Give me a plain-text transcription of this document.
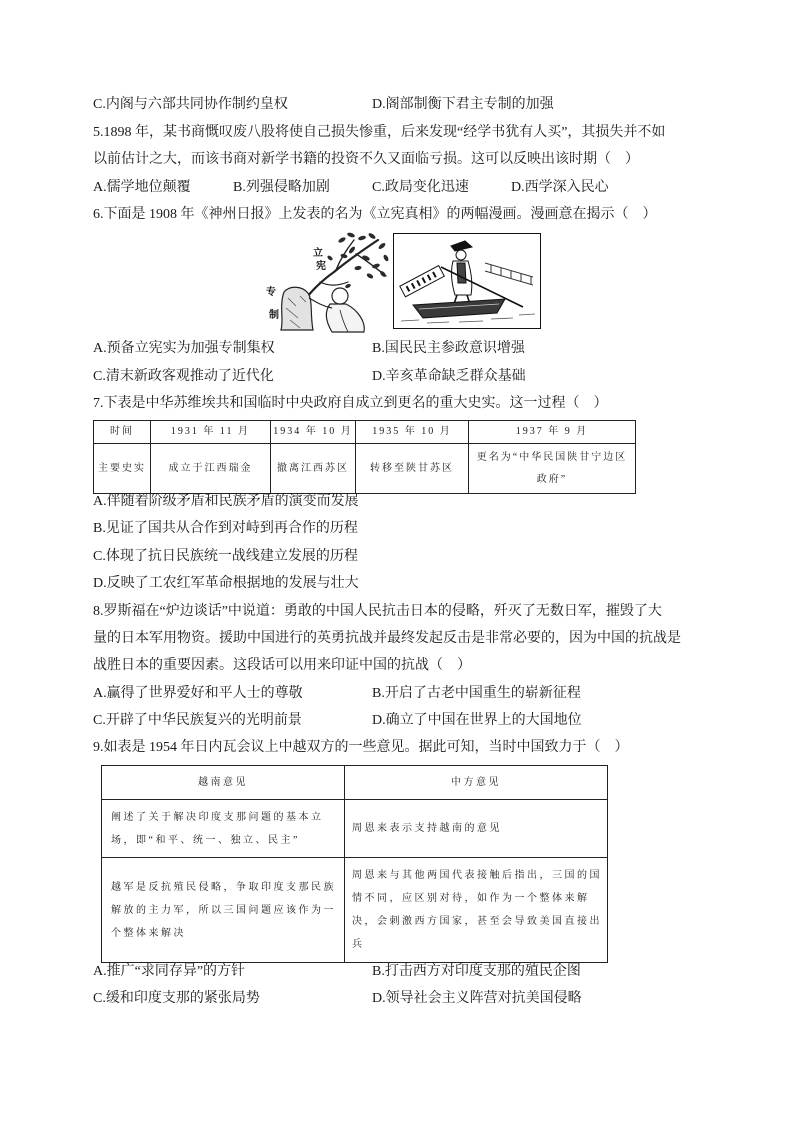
C.内阁与六部共同协作制约皇权	D.阁部制衡下君主专制的加强
5.1898 年，某书商慨叹废八股将使自己损失惨重，后来发现“经学书犹有人买”，其损失并不如
以前估计之大，而该书商对新学书籍的投资不久又面临亏损。这可以反映出该时期（    ）
A.儒学地位颠覆	B.列强侵略加剧	C.政局变化迅速	D.西学深入民心
6.下面是 1908 年《神州日报》上发表的名为《立宪真相》的两幅漫画。漫画意在揭示（    ）
立
宪
专
制
A.预备立宪实为加强专制集权	B.国民民主参政意识增强
C.清末新政客观推动了近代化	D.辛亥革命缺乏群众基础
7.下表是中华苏维埃共和国临时中央政府自成立到更名的重大史实。这一过程（    ）
时间	1931 年 11 月	1934 年 10 月	1935 年 10 月	1937 年 9 月
主要史实	成立于江西瑞金	撤离江西苏区	转移至陕甘苏区	更名为“中华民国陕甘宁边区政府”
A.伴随着阶级矛盾和民族矛盾的演变而发展
B.见证了国共从合作到对峙到再合作的历程
C.体现了抗日民族统一战线建立发展的历程
D.反映了工农红军革命根据地的发展与壮大
8.罗斯福在“炉边谈话”中说道：勇敢的中国人民抗击日本的侵略，歼灭了无数日军，摧毁了大
量的日本军用物资。援助中国进行的英勇抗战并最终发起反击是非常必要的，因为中国的抗战是
战胜日本的重要因素。这段话可以用来印证中国的抗战（    ）
A.赢得了世界爱好和平人士的尊敬	B.开启了古老中国重生的崭新征程
C.开辟了中华民族复兴的光明前景	D.确立了中国在世界上的大国地位
9.如表是 1954 年日内瓦会议上中越双方的一些意见。据此可知，当时中国致力于（    ）
越南意见	中方意见

阐述了关于解决印度支那问题的基本立场，即“和平、统一、独立、民主”	周恩来表示支持越南的意见

越军是反抗殖民侵略，争取印度支那民族解放的主力军，所以三国问题应该作为一个整体来解决	周恩来与其他两国代表接触后指出，三国的国情不同，应区别对待，如作为一个整体来解决，会刺激西方国家，甚至会导致美国直接出兵
A.推广“求同存异”的方针	B.打击西方对印度支那的殖民企图
C.缓和印度支那的紧张局势	D.领导社会主义阵营对抗美国侵略
